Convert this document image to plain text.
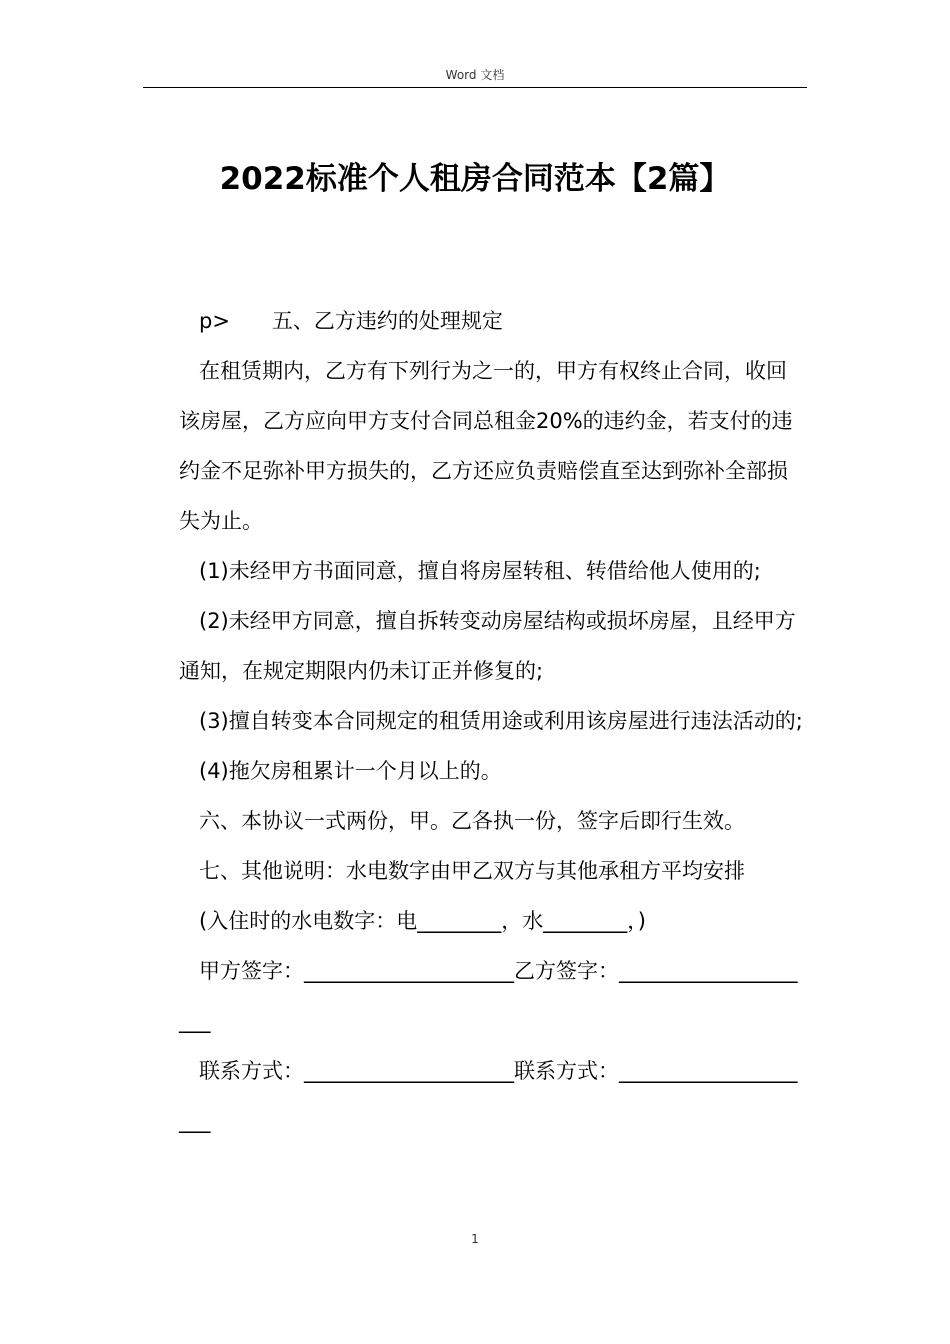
Word 文档
2022标准个人租房合同范本【2篇】

p>　　五、乙方违约的处理规定

在租赁期内，乙方有下列行为之一的，甲方有权终止合同，收回该房屋，乙方应向甲方支付合同总租金20%的违约金，若支付的违约金不足弥补甲方损失的，乙方还应负责赔偿直至达到弥补全部损失为止。

(1)未经甲方书面同意，擅自将房屋转租、转借给他人使用的;

(2)未经甲方同意，擅自拆转变动房屋结构或损坏房屋，且经甲方通知，在规定期限内仍未订正并修复的;

(3)擅自转变本合同规定的租赁用途或利用该房屋进行违法活动的;

(4)拖欠房租累计一个月以上的。

六、本协议一式两份，甲。乙各执一份，签字后即行生效。

七、其他说明：水电数字由甲乙双方与其他承租方平均安排

(入住时的水电数字：电________，水________，)

甲方签字：____________________乙方签字：____________________

联系方式：____________________联系方式：____________________

1
